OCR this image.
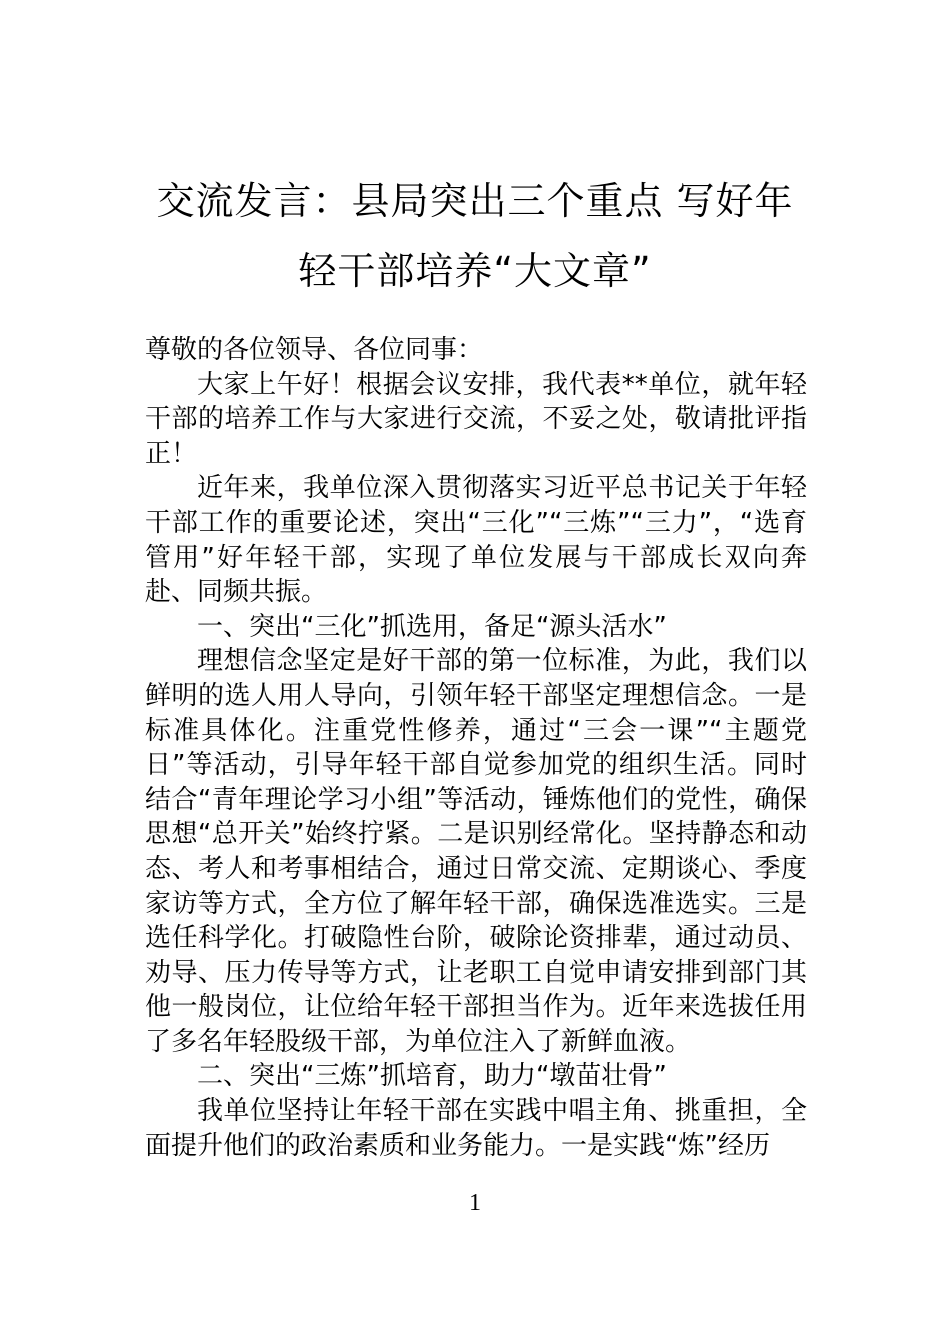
交流发言：县局突出三个重点 写好年轻干部培养“大文章”

尊敬的各位领导、各位同事：

大家上午好！根据会议安排，我代表**单位，就年轻干部的培养工作与大家进行交流，不妥之处，敬请批评指正！

近年来，我单位深入贯彻落实习近平总书记关于年轻干部工作的重要论述，突出“三化”“三炼”“三力”，“选育管用”好年轻干部，实现了单位发展与干部成长双向奔赴、同频共振。

一、突出“三化”抓选用，备足“源头活水”

理想信念坚定是好干部的第一位标准，为此，我们以鲜明的选人用人导向，引领年轻干部坚定理想信念。一是标准具体化。注重党性修养，通过“三会一课”“主题党日”等活动，引导年轻干部自觉参加党的组织生活。同时结合“青年理论学习小组”等活动，锤炼他们的党性，确保思想“总开关”始终拧紧。二是识别经常化。坚持静态和动态、考人和考事相结合，通过日常交流、定期谈心、季度家访等方式，全方位了解年轻干部，确保选准选实。三是选任科学化。打破隐性台阶，破除论资排辈，通过动员、劝导、压力传导等方式，让老职工自觉申请安排到部门其他一般岗位，让位给年轻干部担当作为。近年来选拔任用了多名年轻股级干部，为单位注入了新鲜血液。

二、突出“三炼”抓培育，助力“墩苗壮骨”

我单位坚持让年轻干部在实践中唱主角、挑重担，全面提升他们的政治素质和业务能力。一是实践“炼”经历

1
